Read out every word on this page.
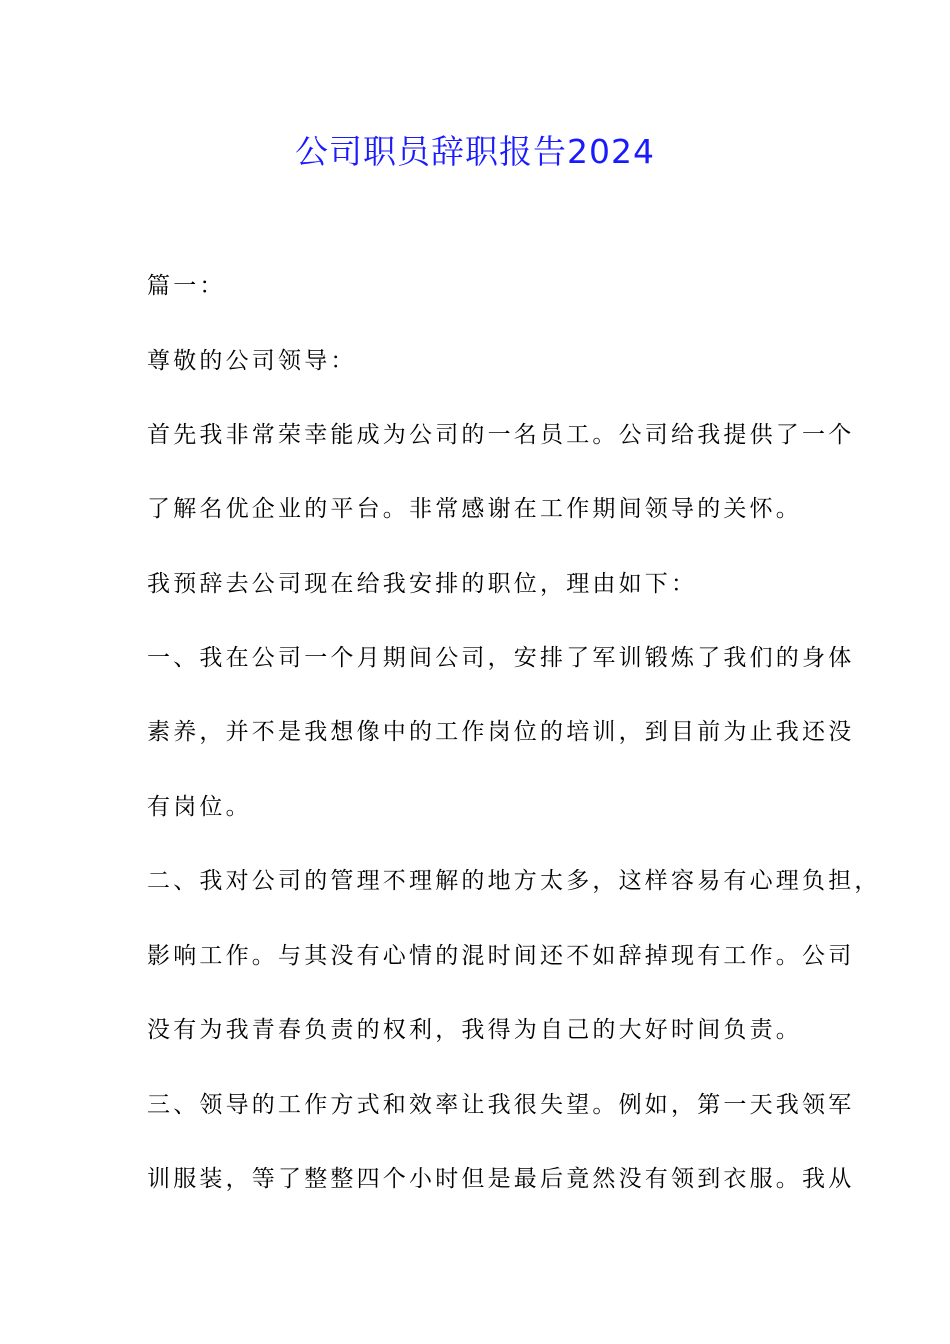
公司职员辞职报告2024
篇一：
尊敬的公司领导：
首先我非常荣幸能成为公司的一名员工。公司给我提供了一个
了解名优企业的平台。非常感谢在工作期间领导的关怀。
我预辞去公司现在给我安排的职位，理由如下：
一、我在公司一个月期间公司，安排了军训锻炼了我们的身体
素养，并不是我想像中的工作岗位的培训，到目前为止我还没
有岗位。
二、我对公司的管理不理解的地方太多，这样容易有心理负担，
影响工作。与其没有心情的混时间还不如辞掉现有工作。公司
没有为我青春负责的权利，我得为自己的大好时间负责。
三、领导的工作方式和效率让我很失望。例如，第一天我领军
训服装，等了整整四个小时但是最后竟然没有领到衣服。我从
